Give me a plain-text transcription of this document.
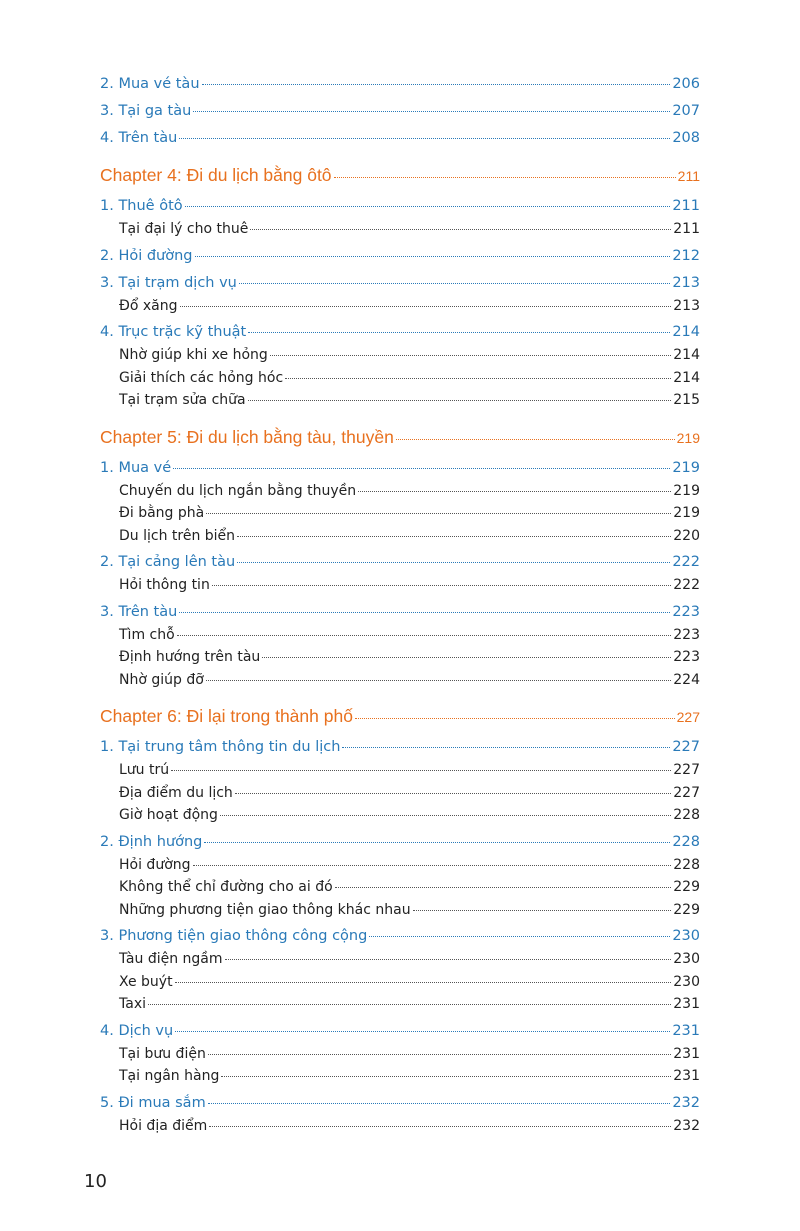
2. Mua vé tàu	206
3. Tại ga tàu	207
4. Trên tàu	208
Chapter 4: Đi du lịch bằng ôtô	211
1. Thuê ôtô	211
Tại đại lý cho thuê	211
2. Hỏi đường	212
3. Tại trạm dịch vụ	213
Đổ xăng	213
4. Trục trặc kỹ thuật	214
Nhờ giúp khi xe hỏng	214
Giải thích các hỏng hóc	214
Tại trạm sửa chữa	215
Chapter 5: Đi du lịch bằng tàu, thuyền	219
1. Mua vé	219
Chuyến du lịch ngắn bằng thuyền	219
Đi bằng phà	219
Du lịch trên biển	220
2. Tại cảng lên tàu	222
Hỏi thông tin	222
3. Trên tàu	223
Tìm chỗ	223
Định hướng trên tàu	223
Nhờ giúp đỡ	224
Chapter 6: Đi lại trong thành phố	227
1. Tại trung tâm thông tin du lịch	227
Lưu trú	227
Địa điểm du lịch	227
Giờ hoạt động	228
2. Định hướng	228
Hỏi đường	228
Không thể chỉ đường cho ai đó	229
Những phương tiện giao thông khác nhau	229
3. Phương tiện giao thông công cộng	230
Tàu điện ngầm	230
Xe buýt	230
Taxi	231
4. Dịch vụ	231
Tại bưu điện	231
Tại ngân hàng	231
5. Đi mua sắm	232
Hỏi địa điểm	232
10
